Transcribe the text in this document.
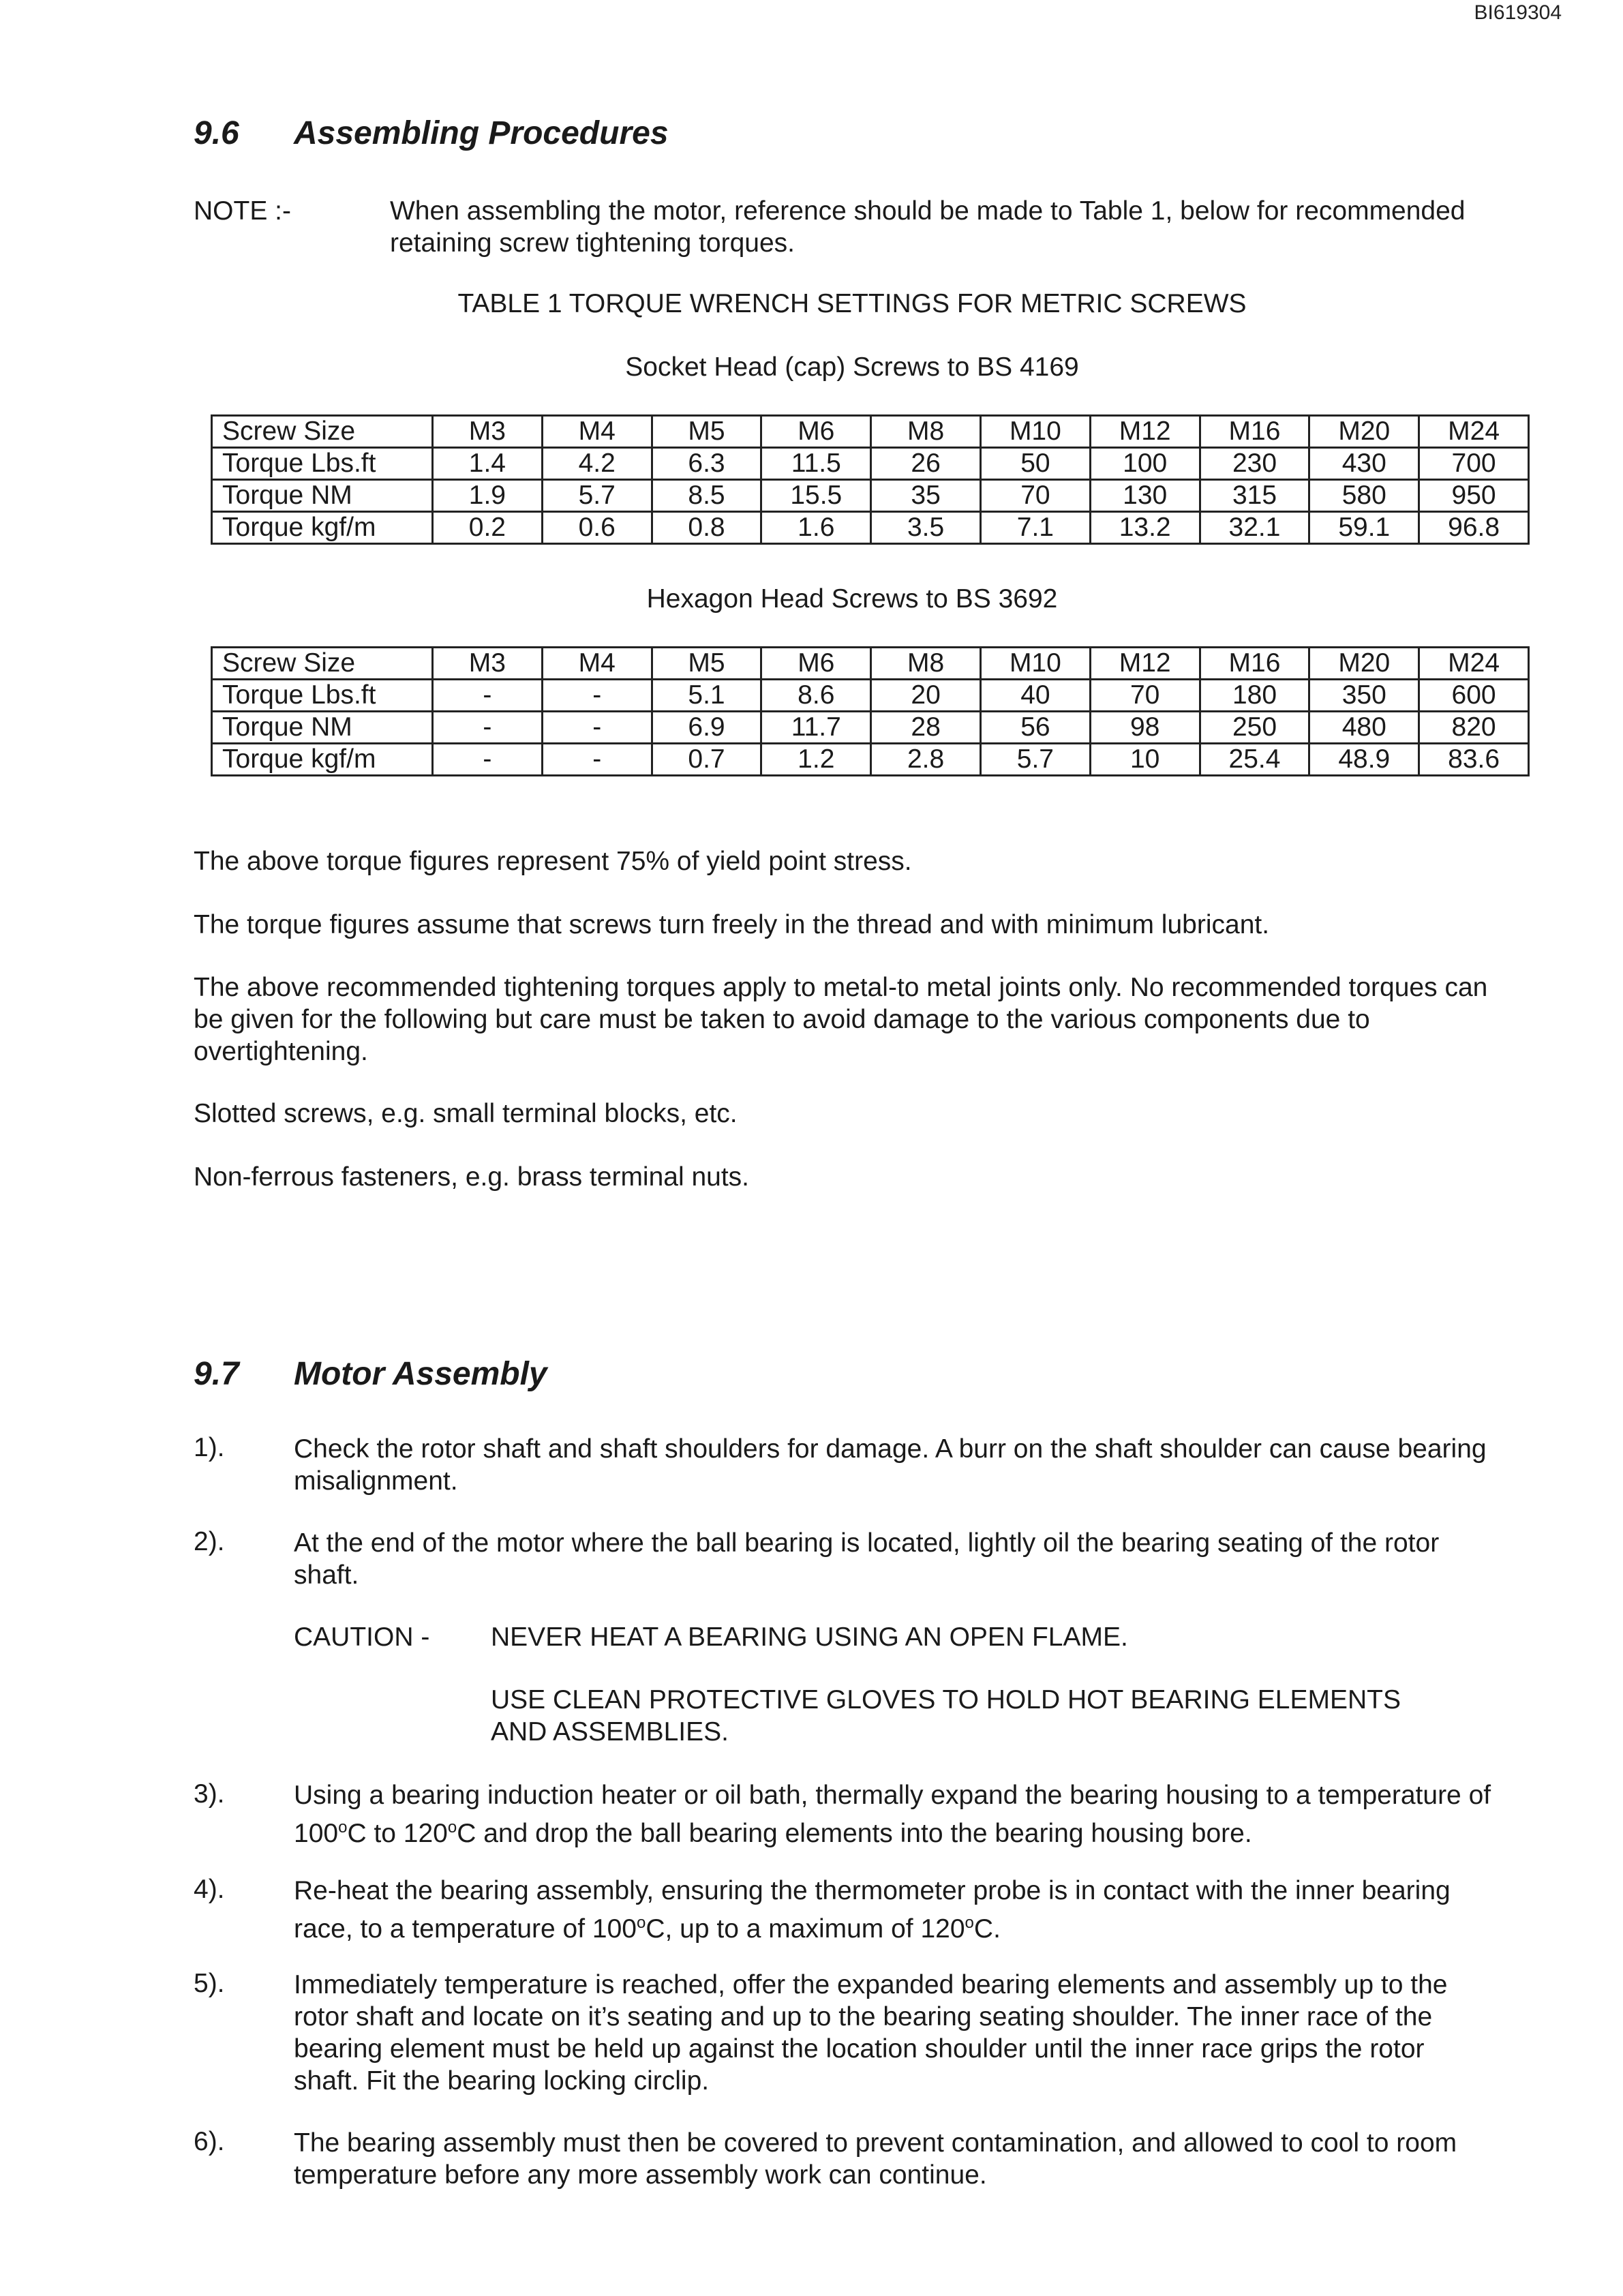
BI619304
9.6 Assembling Procedures
NOTE :-	When assembling the motor, reference should be made to Table 1, below for recommended retaining screw tightening torques.
TABLE 1 TORQUE WRENCH SETTINGS FOR METRIC SCREWS
Socket Head (cap) Screws to BS 4169
Screw Size	M3	M4	M5	M6	M8	M10	M12	M16	M20	M24
Torque Lbs.ft	1.4	4.2	6.3	11.5	26	50	100	230	430	700
Torque NM	1.9	5.7	8.5	15.5	35	70	130	315	580	950
Torque kgf/m	0.2	0.6	0.8	1.6	3.5	7.1	13.2	32.1	59.1	96.8
Hexagon Head Screws to BS 3692
Screw Size	M3	M4	M5	M6	M8	M10	M12	M16	M20	M24
Torque Lbs.ft	-	-	5.1	8.6	20	40	70	180	350	600
Torque NM	-	-	6.9	11.7	28	56	98	250	480	820
Torque kgf/m	-	-	0.7	1.2	2.8	5.7	10	25.4	48.9	83.6
The above torque figures represent 75% of yield point stress.
The torque figures assume that screws turn freely in the thread and with minimum lubricant.
The above recommended tightening torques apply to metal-to metal joints only. No recommended torques can be given for the following but care must be taken to avoid damage to the various components due to overtightening.
Slotted screws, e.g. small terminal blocks, etc.
Non-ferrous fasteners, e.g. brass terminal nuts.
9.7 Motor Assembly
1).	Check the rotor shaft and shaft shoulders for damage. A burr on the shaft shoulder can cause bearing misalignment.
2).	At the end of the motor where the ball bearing is located, lightly oil the bearing seating of the rotor shaft.
CAUTION - NEVER HEAT A BEARING USING AN OPEN FLAME.
USE CLEAN PROTECTIVE GLOVES TO HOLD HOT BEARING ELEMENTS AND ASSEMBLIES.
3).	Using a bearing induction heater or oil bath, thermally expand the bearing housing to a temperature of 100$^o$C to 120$^o$C and drop the ball bearing elements into the bearing housing bore.
4).	Re-heat the bearing assembly, ensuring the thermometer probe is in contact with the inner bearing race, to a temperature of 100$^o$C, up to a maximum of 120$^o$C.
5).	Immediately temperature is reached, offer the expanded bearing elements and assembly up to the rotor shaft and locate on it’s seating and up to the bearing seating shoulder. The inner race of the bearing element must be held up against the location shoulder until the inner race grips the rotor shaft. Fit the bearing locking circlip.
6).	The bearing assembly must then be covered to prevent contamination, and allowed to cool to room temperature before any more assembly work can continue.
